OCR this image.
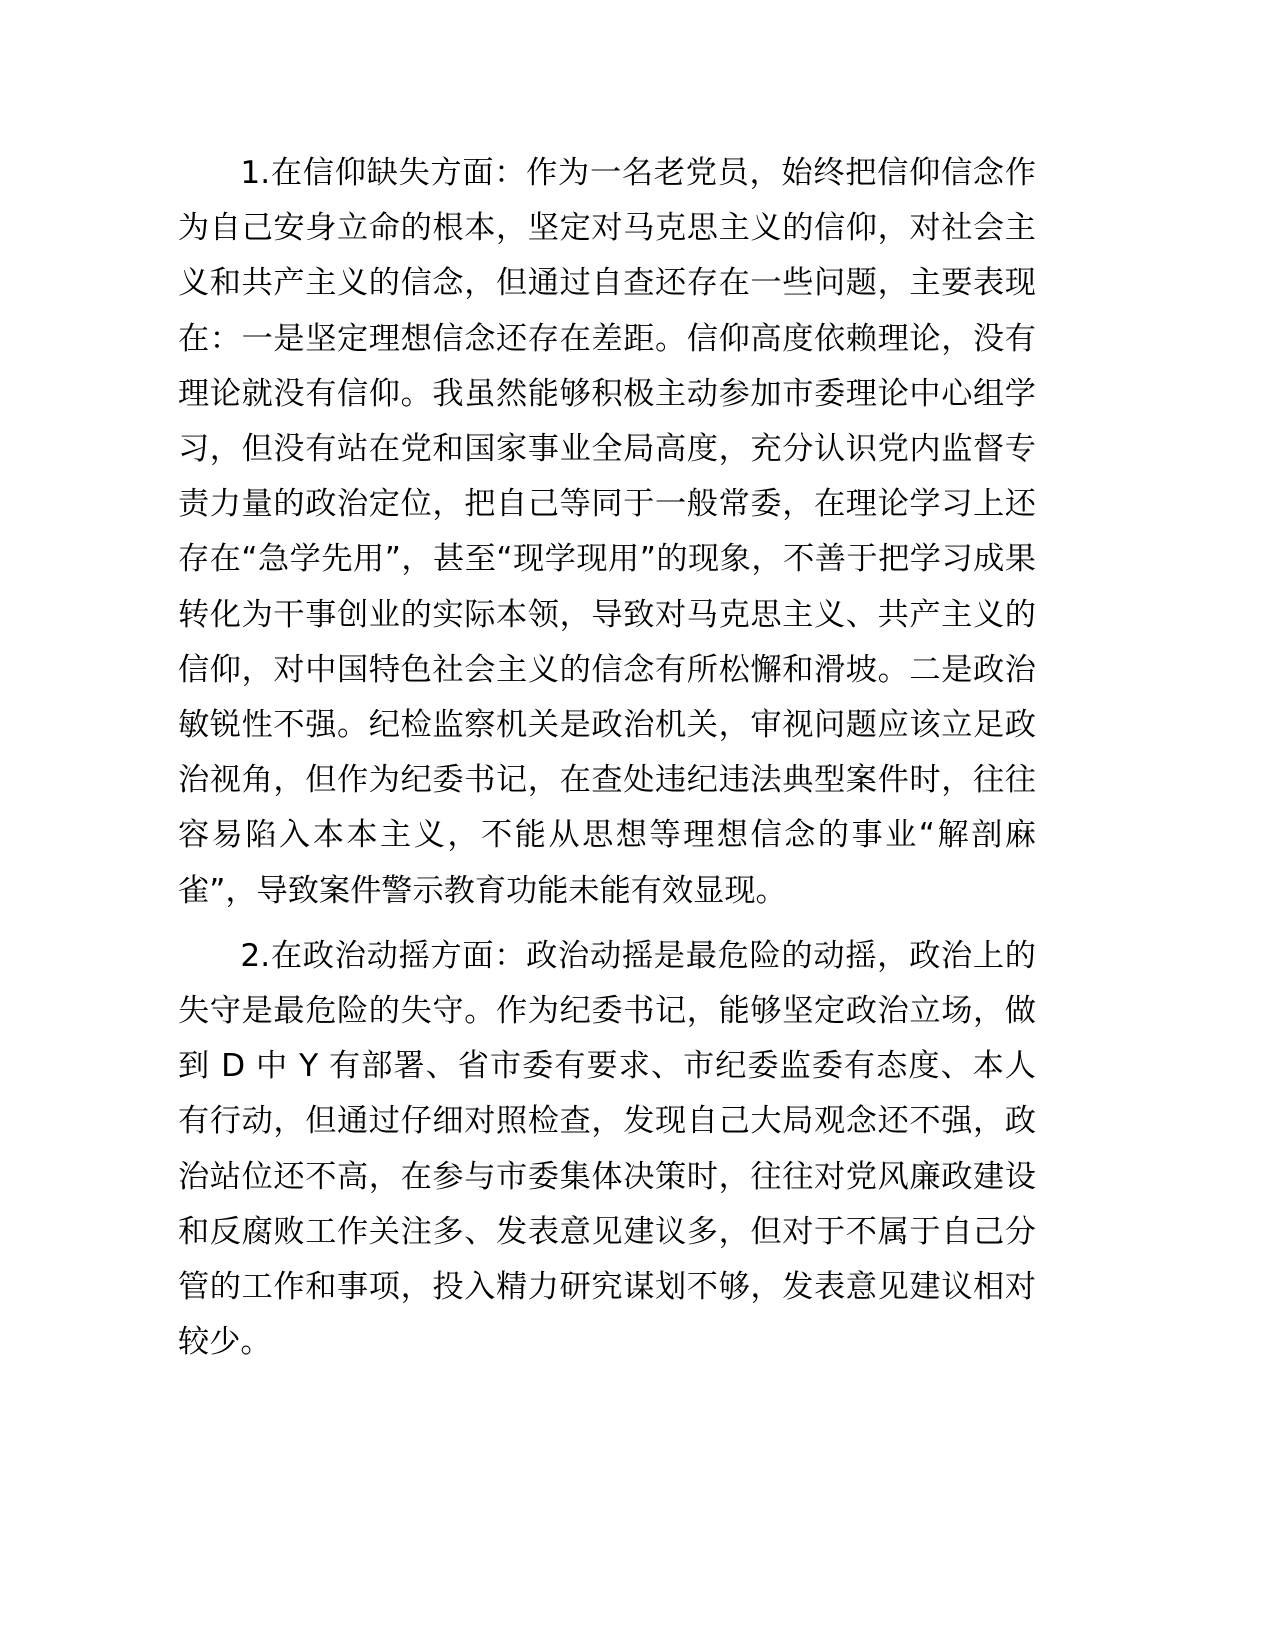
1.在信仰缺失方面：作为一名老党员，始终把信仰信念作为自己安身立命的根本，坚定对马克思主义的信仰，对社会主义和共产主义的信念，但通过自查还存在一些问题，主要表现在：一是坚定理想信念还存在差距。信仰高度依赖理论，没有理论就没有信仰。我虽然能够积极主动参加市委理论中心组学习，但没有站在党和国家事业全局高度，充分认识党内监督专责力量的政治定位，把自己等同于一般常委，在理论学习上还存在“急学先用”，甚至“现学现用”的现象，不善于把学习成果转化为干事创业的实际本领，导致对马克思主义、共产主义的信仰，对中国特色社会主义的信念有所松懈和滑坡。二是政治敏锐性不强。纪检监察机关是政治机关，审视问题应该立足政治视角，但作为纪委书记，在查处违纪违法典型案件时，往往容易陷入本本主义，不能从思想等理想信念的事业“解剖麻雀”，导致案件警示教育功能未能有效显现。

2.在政治动摇方面：政治动摇是最危险的动摇，政治上的失守是最危险的失守。作为纪委书记，能够坚定政治立场，做到 D 中 Y 有部署、省市委有要求、市纪委监委有态度、本人有行动，但通过仔细对照检查，发现自己大局观念还不强，政治站位还不高，在参与市委集体决策时，往往对党风廉政建设和反腐败工作关注多、发表意见建议多，但对于不属于自己分管的工作和事项，投入精力研究谋划不够，发表意见建议相对较少。
